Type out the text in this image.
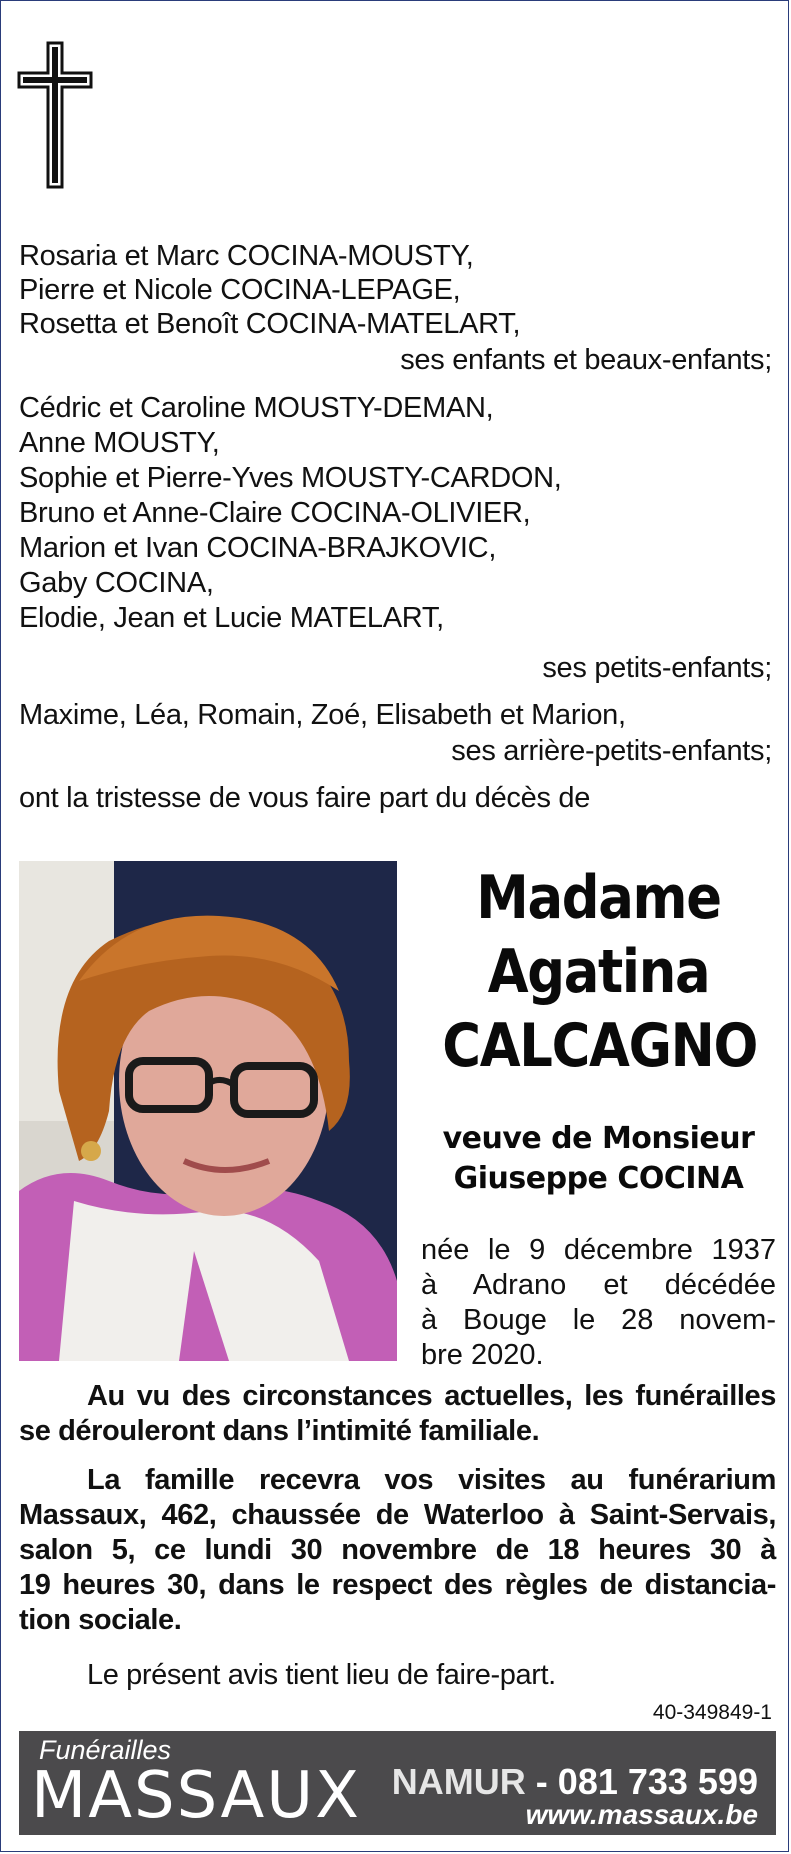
Rosaria et Marc COCINA-MOUSTY,
Pierre et Nicole COCINA-LEPAGE,
Rosetta et Benoît COCINA-MATELART,
ses enfants et beaux-enfants;
Cédric et Caroline MOUSTY-DEMAN,
Anne MOUSTY,
Sophie et Pierre-Yves MOUSTY-CARDON,
Bruno et Anne-Claire COCINA-OLIVIER,
Marion et Ivan COCINA-BRAJKOVIC,
Gaby COCINA,
Elodie, Jean et Lucie MATELART,
ses petits-enfants;
Maxime, Léa, Romain, Zoé, Elisabeth et Marion,
ses arrière-petits-enfants;
ont la tristesse de vous faire part du décès de
Madame
Agatina
CALCAGNO
veuve de Monsieur
Giuseppe COCINA
née le 9 décembre 1937
à Adrano et décédée
à Bouge le 28 novem-
bre 2020.
Au vu des circonstances actuelles, les funérailles
se dérouleront dans l’intimité familiale.
La famille recevra vos visites au funérarium
Massaux, 462, chaussée de Waterloo à Saint-Servais,
salon 5, ce lundi 30 novembre de 18 heures 30 à
19 heures 30, dans le respect des règles de distancia-
tion sociale.
Le présent avis tient lieu de faire-part.
40-349849-1
Funérailles
MASSAUX NAMUR - 081 733 599
www.massaux.be
